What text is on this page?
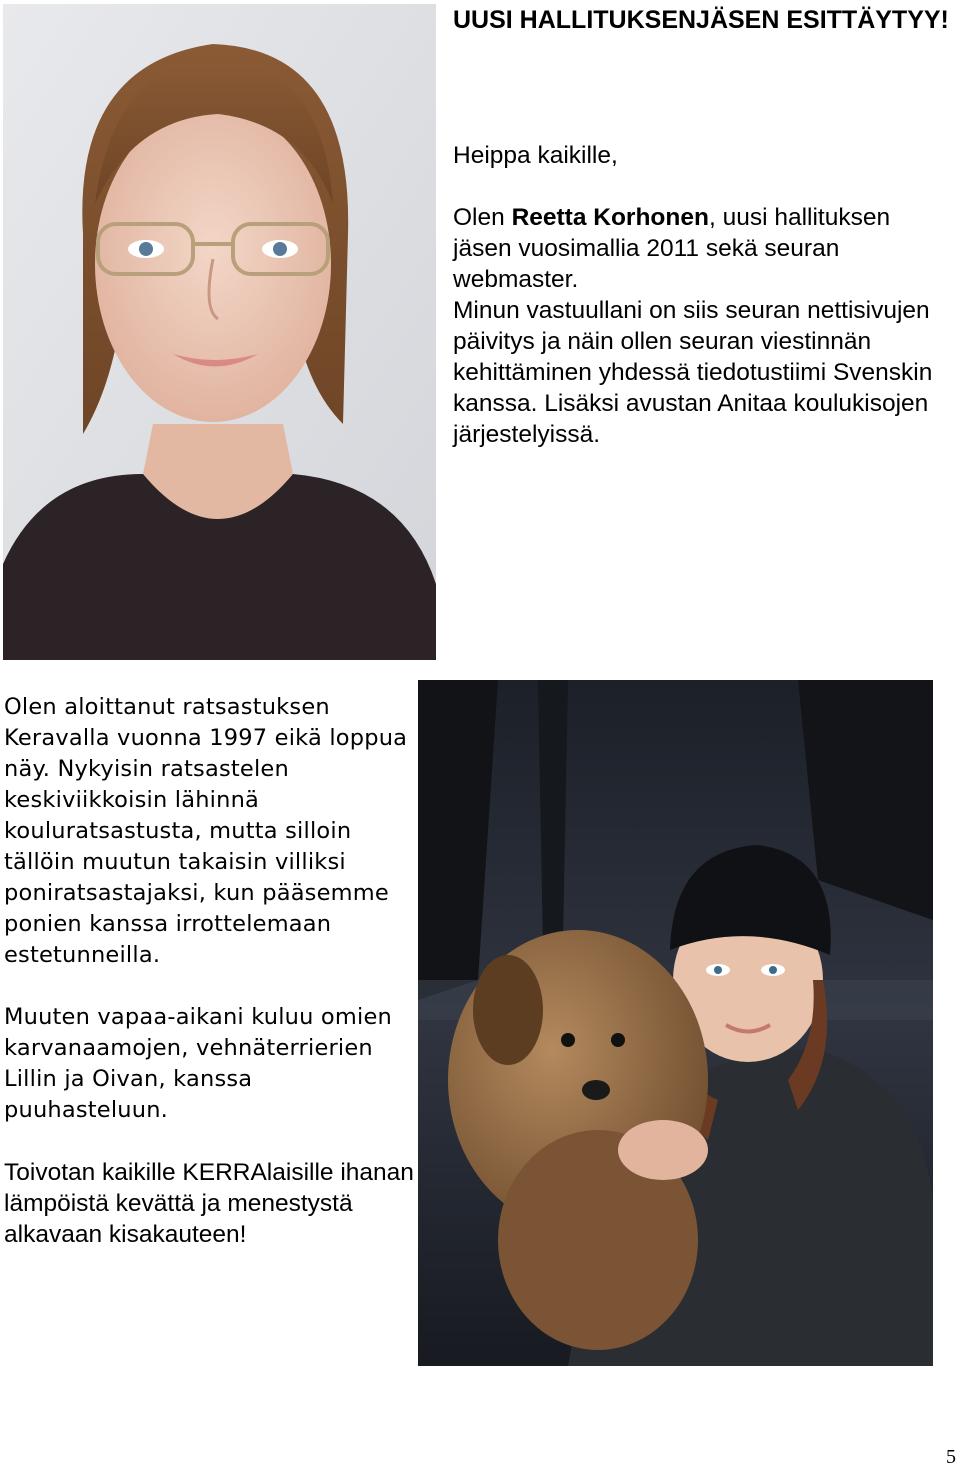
UUSI HALLITUKSENJÄSEN ESITTÄYTYY!

Heippa kaikille,

Olen Reetta Korhonen, uusi hallituksen jäsen vuosimallia 2011 sekä seuran webmaster.

Minun vastuullani on siis seuran nettisivujen päivitys ja näin ollen seuran viestinnän kehittäminen yhdessä tiedotustiimi Svenskin kanssa. Lisäksi avustan Anitaa koulukisojen järjestelyissä.

Olen aloittanut ratsastuksen Keravalla vuonna 1997 eikä loppua näy. Nykyisin ratsastelen keskiviikkoisin lähinnä kouluratsastusta, mutta silloin tällöin muutun takaisin villiksi poniratsastajaksi, kun pääsemme ponien kanssa irrottelemaan estetunneilla.

Muuten vapaa-aikani kuluu omien karvanaamojen, vehnäterrierien Lillin ja Oivan, kanssa puuhasteluun.

Toivotan kaikille KERRAlaisille ihanan lämpöistä kevättä ja menestystä alkavaan kisakauteen!

5
